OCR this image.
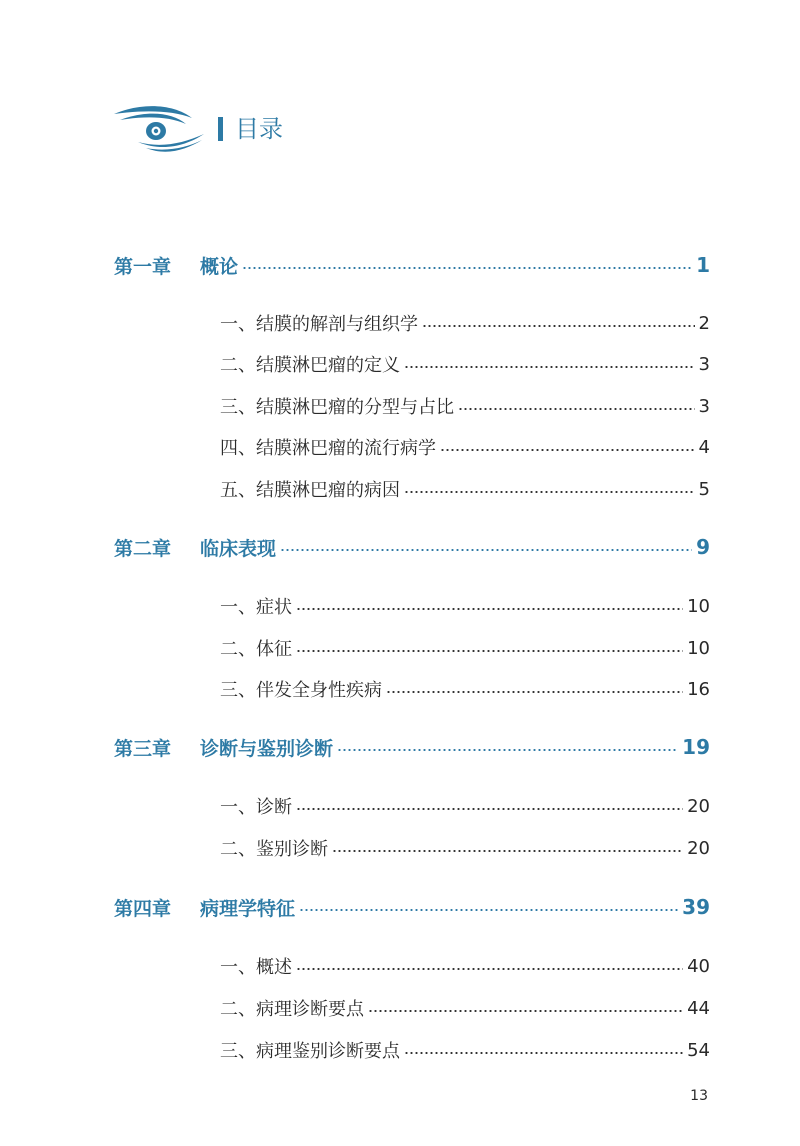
目录
第一章	概论	1
一、结膜的解剖与组织学	2
二、结膜淋巴瘤的定义	3
三、结膜淋巴瘤的分型与占比	3
四、结膜淋巴瘤的流行病学	4
五、结膜淋巴瘤的病因	5
第二章	临床表现	9
一、症状	10
二、体征	10
三、伴发全身性疾病	16
第三章	诊断与鉴别诊断	19
一、诊断	20
二、鉴别诊断	20
第四章	病理学特征	39
一、概述	40
二、病理诊断要点	44
三、病理鉴别诊断要点	54
13
